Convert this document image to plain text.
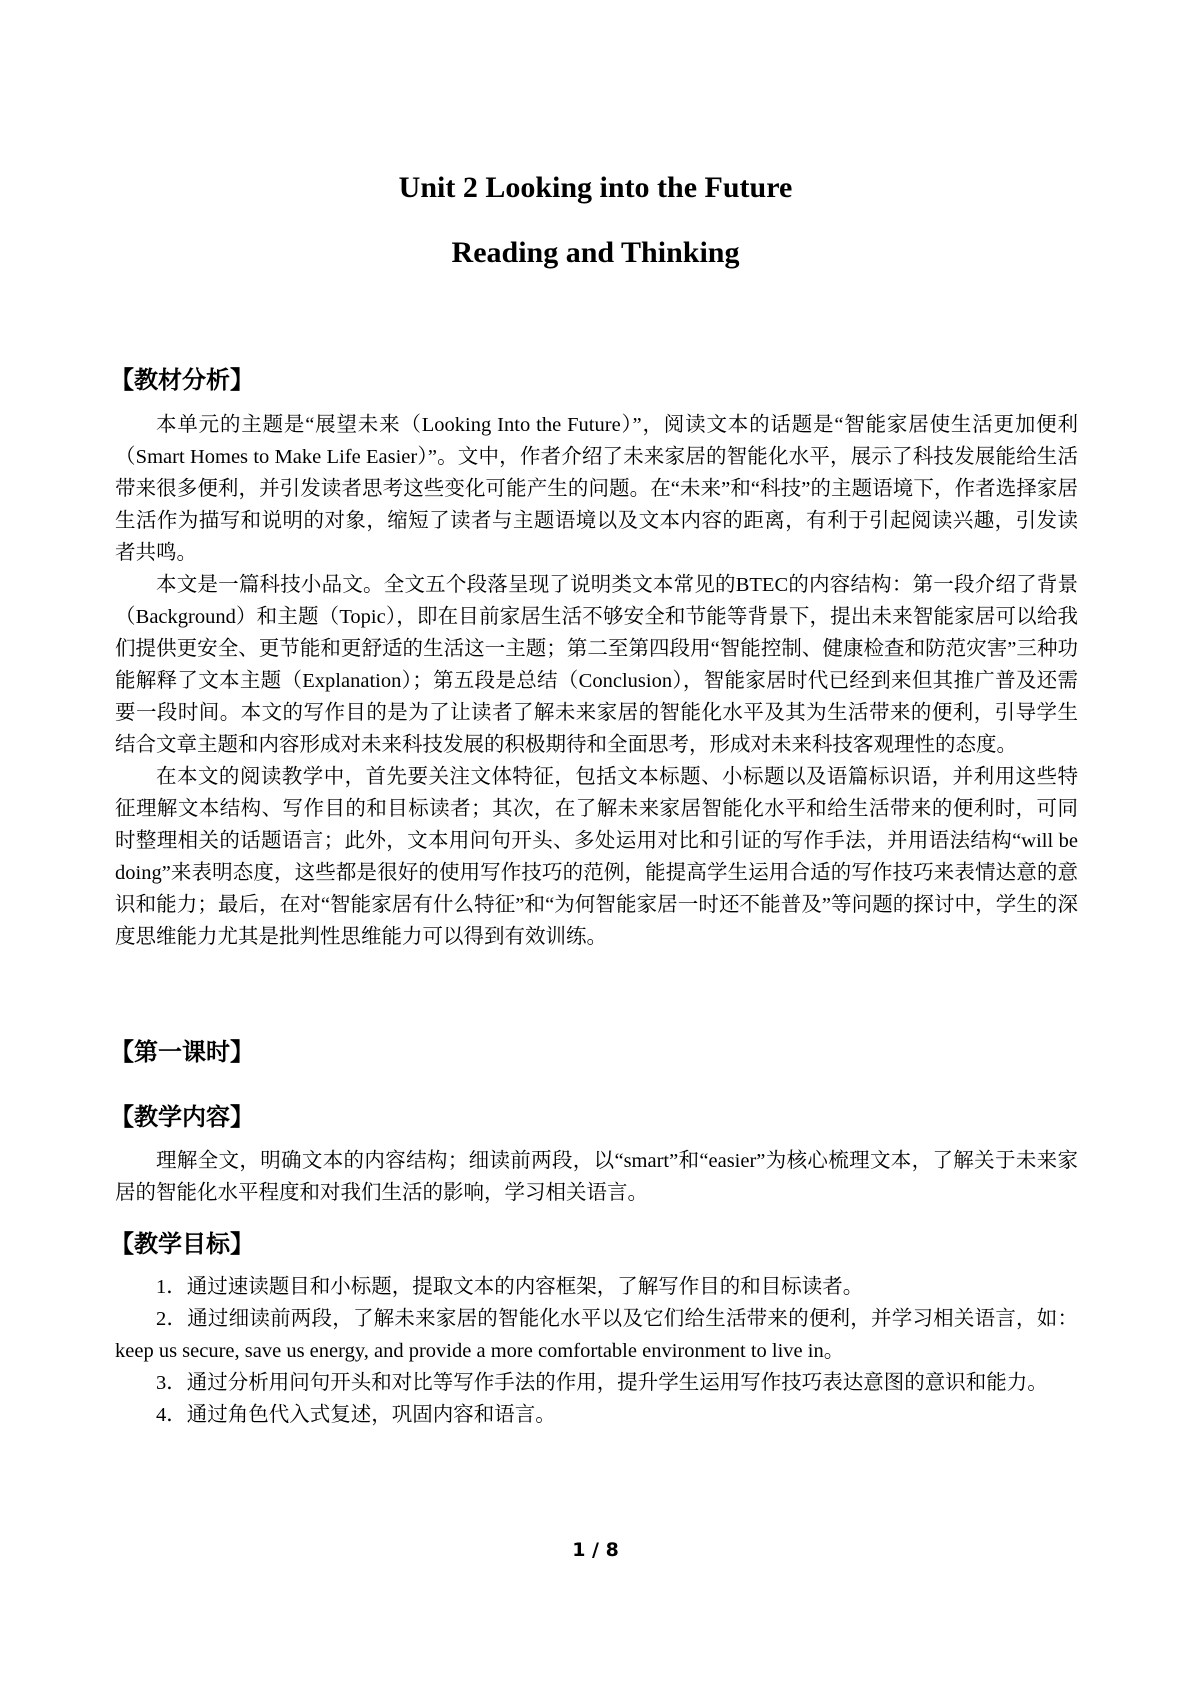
Unit 2 Looking into the Future
Reading and Thinking
【教材分析】

本单元的主题是“展望未来（Looking Into the Future）”，阅读文本的话题是“智能家居使生活更加便利（Smart Homes to Make Life Easier）”。文中，作者介绍了未来家居的智能化水平，展示了科技发展能给生活带来很多便利，并引发读者思考这些变化可能产生的问题。在“未来”和“科技”的主题语境下，作者选择家居生活作为描写和说明的对象，缩短了读者与主题语境以及文本内容的距离，有利于引起阅读兴趣，引发读者共鸣。

本文是一篇科技小品文。全文五个段落呈现了说明类文本常见的BTEC的内容结构：第一段介绍了背景（Background）和主题（Topic），即在目前家居生活不够安全和节能等背景下，提出未来智能家居可以给我们提供更安全、更节能和更舒适的生活这一主题；第二至第四段用“智能控制、健康检查和防范灾害”三种功能解释了文本主题（Explanation）；第五段是总结（Conclusion），智能家居时代已经到来但其推广普及还需要一段时间。本文的写作目的是为了让读者了解未来家居的智能化水平及其为生活带来的便利，引导学生结合文章主题和内容形成对未来科技发展的积极期待和全面思考，形成对未来科技客观理性的态度。

在本文的阅读教学中，首先要关注文体特征，包括文本标题、小标题以及语篇标识语，并利用这些特征理解文本结构、写作目的和目标读者；其次，在了解未来家居智能化水平和给生活带来的便利时，可同时整理相关的话题语言；此外，文本用问句开头、多处运用对比和引证的写作手法，并用语法结构“will be doing”来表明态度，这些都是很好的使用写作技巧的范例，能提高学生运用合适的写作技巧来表情达意的意识和能力；最后，在对“智能家居有什么特征”和“为何智能家居一时还不能普及”等问题的探讨中，学生的深度思维能力尤其是批判性思维能力可以得到有效训练。

【第一课时】
【教学内容】

理解全文，明确文本的内容结构；细读前两段，以“smart”和“easier”为核心梳理文本，了解关于未来家居的智能化水平程度和对我们生活的影响，学习相关语言。

【教学目标】

1．通过速读题目和小标题，提取文本的内容框架，了解写作目的和目标读者。

2．通过细读前两段，了解未来家居的智能化水平以及它们给生活带来的便利，并学习相关语言，如：keep us secure, save us energy, and provide a more comfortable environment to live in。

3．通过分析用问句开头和对比等写作手法的作用，提升学生运用写作技巧表达意图的意识和能力。

4．通过角色代入式复述，巩固内容和语言。

1 / 8
